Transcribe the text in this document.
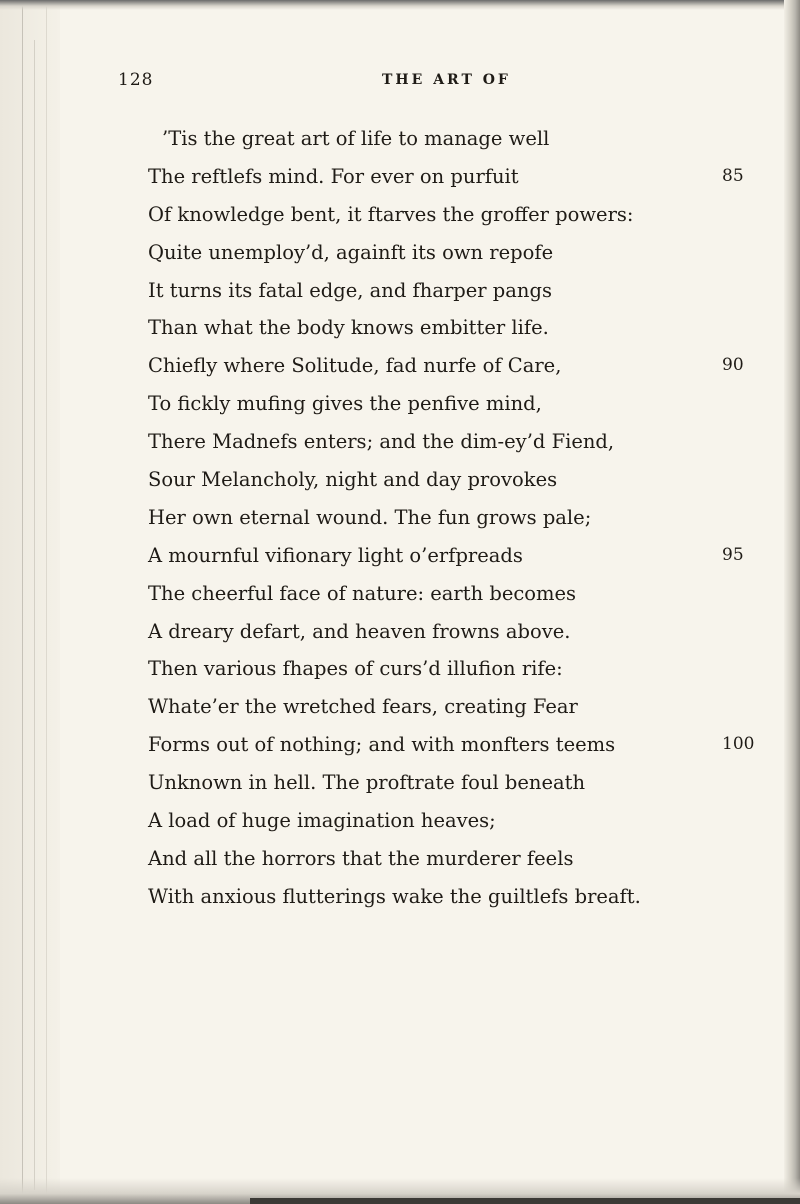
128	THE ART OF
’Tis the great art of life to manage well
The reftlefs mind. For ever on purfuit	85
Of knowledge bent, it ftarves the groffer powers:
Quite unemploy’d, againft its own repofe
It turns its fatal edge, and fharper pangs
Than what the body knows embitter life.
Chiefly where Solitude, fad nurfe of Care,	90
To fickly mufing gives the penfive mind,
There Madnefs enters; and the dim-ey’d Fiend,
Sour Melancholy, night and day provokes
Her own eternal wound. The fun grows pale;
A mournful vifionary light o’erfpreads	95
The cheerful face of nature: earth becomes
A dreary defart, and heaven frowns above.
Then various fhapes of curs’d illufion rife:
Whate’er the wretched fears, creating Fear
Forms out of nothing; and with monfters teems	100
Unknown in hell. The proftrate foul beneath
A load of huge imagination heaves;
And all the horrors that the murderer feels
With anxious flutterings wake the guiltlefs breaft.
